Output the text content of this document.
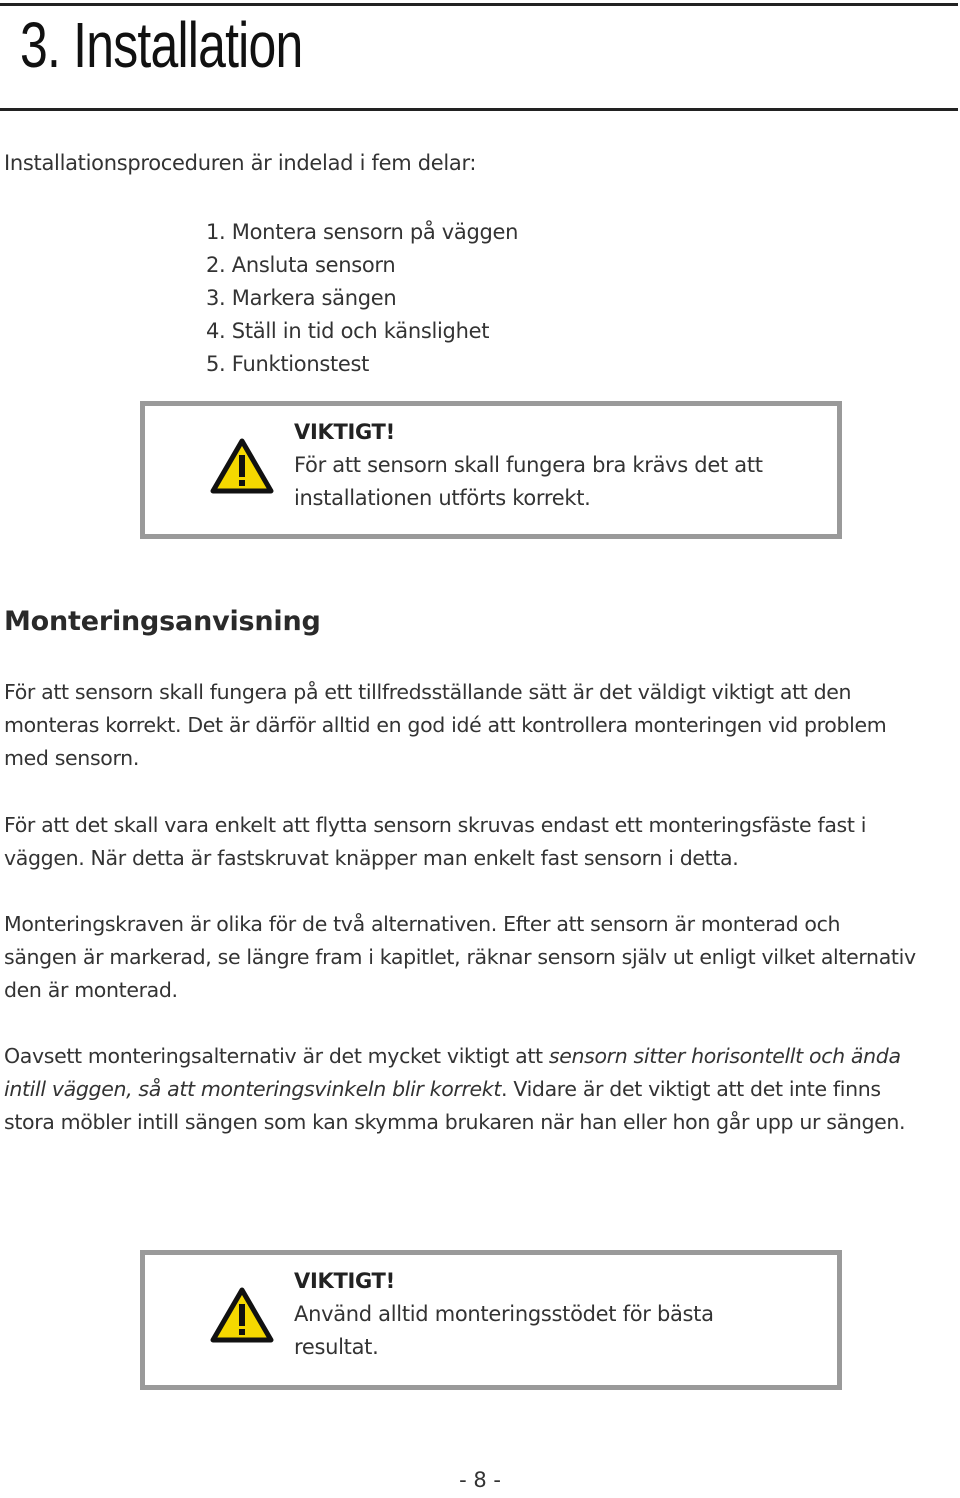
3. Installation

Installationsproceduren är indelad i fem delar:

1. Montera sensorn på väggen
2. Ansluta sensorn
3. Markera sängen
4. Ställ in tid och känslighet
5. Funktionstest
VIKTIGT!
För att sensorn skall fungera bra krävs det att
installationen utförts korrekt.
Monteringsanvisning
För att sensorn skall fungera på ett tillfredsställande sätt är det väldigt viktigt att den
monteras korrekt. Det är därför alltid en god idé att kontrollera monteringen vid problem
med sensorn.
För att det skall vara enkelt att flytta sensorn skruvas endast ett monteringsfäste fast i
väggen. När detta är fastskruvat knäpper man enkelt fast sensorn i detta.
Monteringskraven är olika för de två alternativen. Efter att sensorn är monterad och
sängen är markerad, se längre fram i kapitlet, räknar sensorn själv ut enligt vilket alternativ
den är monterad.
Oavsett monteringsalternativ är det mycket viktigt att sensorn sitter horisontellt och ända
intill väggen, så att monteringsvinkeln blir korrekt. Vidare är det viktigt att det inte finns
stora möbler intill sängen som kan skymma brukaren när han eller hon går upp ur sängen.
VIKTIGT!
Använd alltid monteringsstödet för bästa
resultat.
- 8 -
